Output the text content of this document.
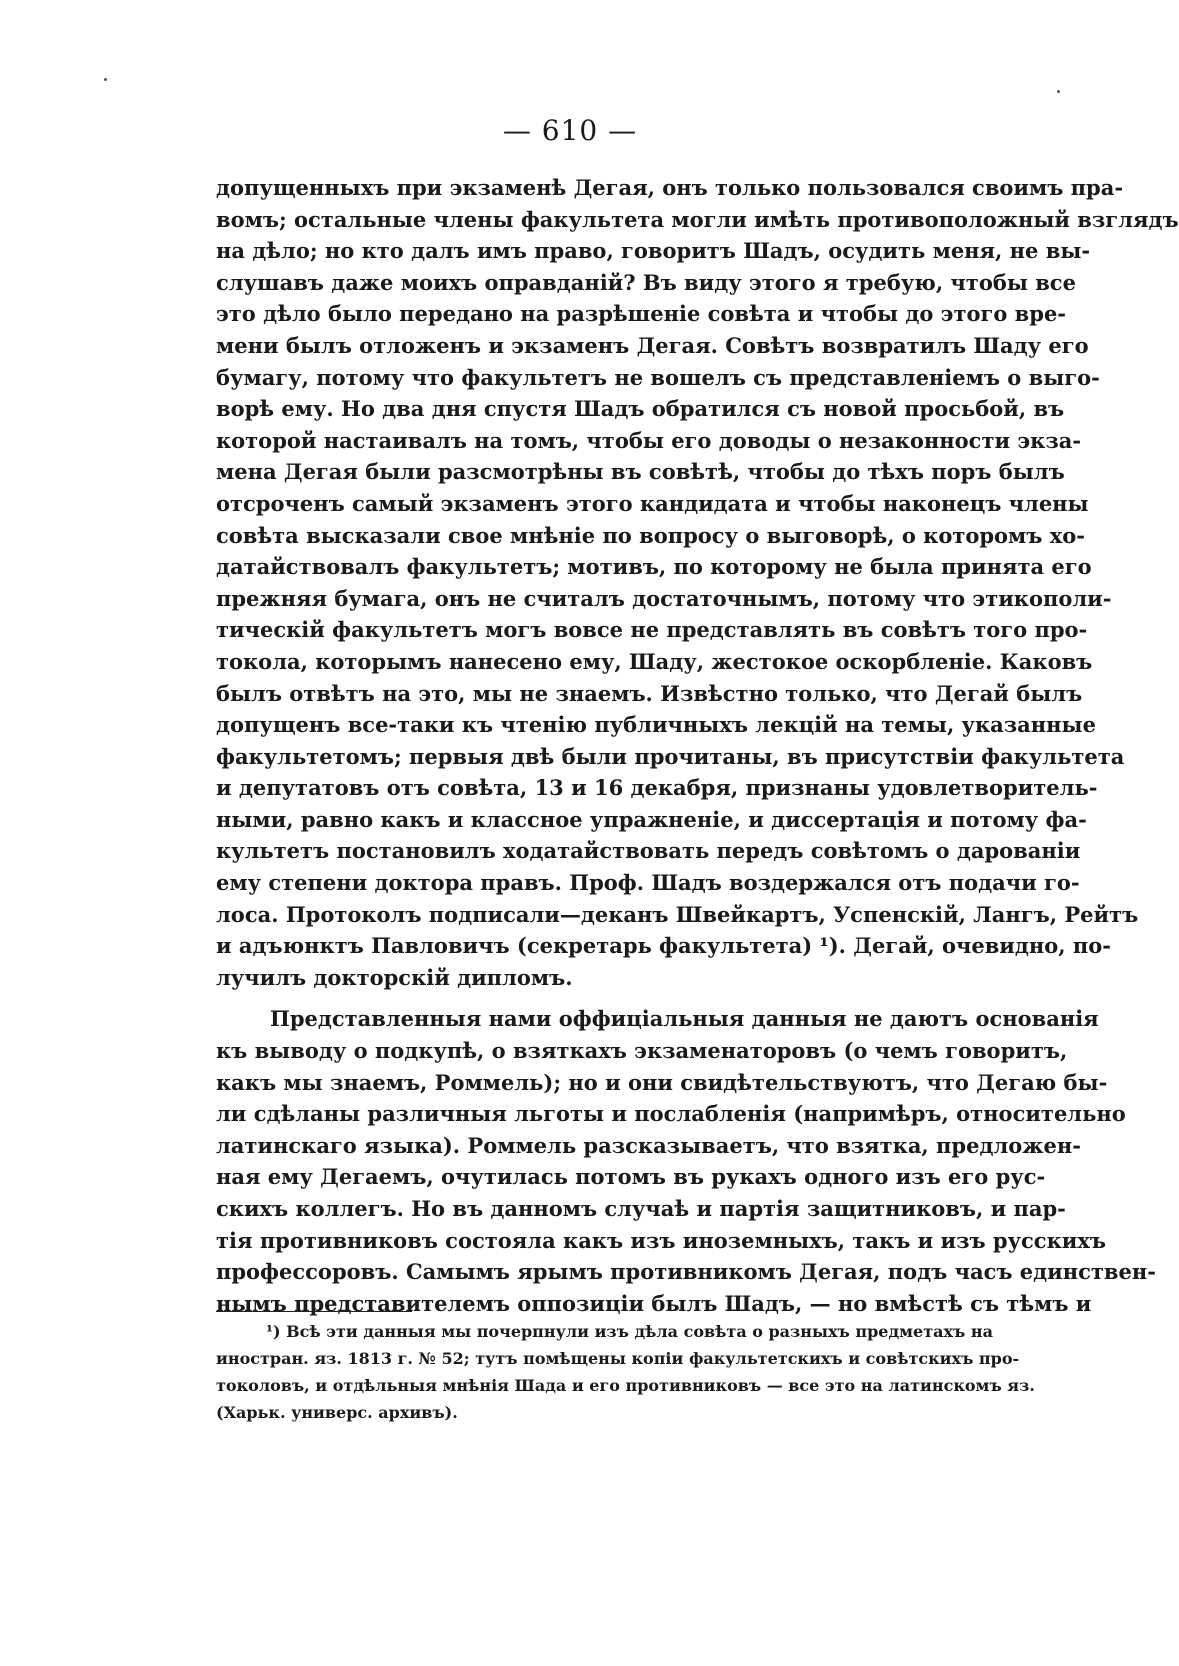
— 610 —
допущенныхъ при экзаменѣ Дегая, онъ только пользовался своимъ пра-
вомъ; остальные члены факультета могли имѣть противоположный взглядъ
на дѣло; но кто далъ имъ право, говоритъ Шадъ, осудить меня, не вы-
слушавъ даже моихъ оправданій? Въ виду этого я требую, чтобы все
это дѣло было передано на разрѣшеніе совѣта и чтобы до этого вре-
мени былъ отложенъ и экзаменъ Дегая. Совѣтъ возвратилъ Шаду его
бумагу, потому что факультетъ не вошелъ съ представленіемъ о выго-
ворѣ ему. Но два дня спустя Шадъ обратился съ новой просьбой, въ
которой настаивалъ на томъ, чтобы его доводы о незаконности экза-
мена Дегая были разсмотрѣны въ совѣтѣ, чтобы до тѣхъ поръ былъ
отсроченъ самый экзаменъ этого кандидата и чтобы наконецъ члены
совѣта высказали свое мнѣніе по вопросу о выговорѣ, о которомъ хо-
датайствовалъ факультетъ; мотивъ, по которому не была принята его
прежняя бумага, онъ не считалъ достаточнымъ, потому что этикополи-
тическій факультетъ могъ вовсе не представлять въ совѣтъ того про-
токола, которымъ нанесено ему, Шаду, жестокое оскорбленіе. Каковъ
былъ отвѣтъ на это, мы не знаемъ. Извѣстно только, что Дегай былъ
допущенъ все-таки къ чтенію публичныхъ лекцій на темы, указанные
факультетомъ; первыя двѣ были прочитаны, въ присутствіи факультета
и депутатовъ отъ совѣта, 13 и 16 декабря, признаны удовлетворитель-
ными, равно какъ и классное упражненіе, и диссертація и потому фа-
культетъ постановилъ ходатайствовать передъ совѣтомъ о дарованіи
ему степени доктора правъ. Проф. Шадъ воздержался отъ подачи го-
лоса. Протоколъ подписали—деканъ Швейкартъ, Успенскій, Лангъ, Рейтъ
и адъюнктъ Павловичъ (секретарь факультета) ¹). Дегай, очевидно, по-
лучилъ докторскій дипломъ.
Представленныя нами оффиціальныя данныя не даютъ основанія
къ выводу о подкупѣ, о взяткахъ экзаменаторовъ (о чемъ говоритъ,
какъ мы знаемъ, Роммель); но и они свидѣтельствуютъ, что Дегаю бы-
ли сдѣланы различныя льготы и послабленія (напримѣръ, относительно
латинскаго языка). Роммель разсказываетъ, что взятка, предложен-
ная ему Дегаемъ, очутилась потомъ въ рукахъ одного изъ его рус-
скихъ коллегъ. Но въ данномъ случаѣ и партія защитниковъ, и пар-
тія противниковъ состояла какъ изъ иноземныхъ, такъ и изъ русскихъ
профессоровъ. Самымъ ярымъ противникомъ Дегая, подъ часъ единствен-
нымъ представителемъ оппозиціи былъ Шадъ, — но вмѣстѣ съ тѣмъ и
¹) Всѣ эти данныя мы почерпнули изъ дѣла совѣта о разныхъ предметахъ на
иностран. яз. 1813 г. № 52; тутъ помѣщены копіи факультетскихъ и совѣтскихъ про-
токоловъ, и отдѣльныя мнѣнія Шада и его противниковъ — все это на латинскомъ яз.
(Харьк. универс. архивъ).
